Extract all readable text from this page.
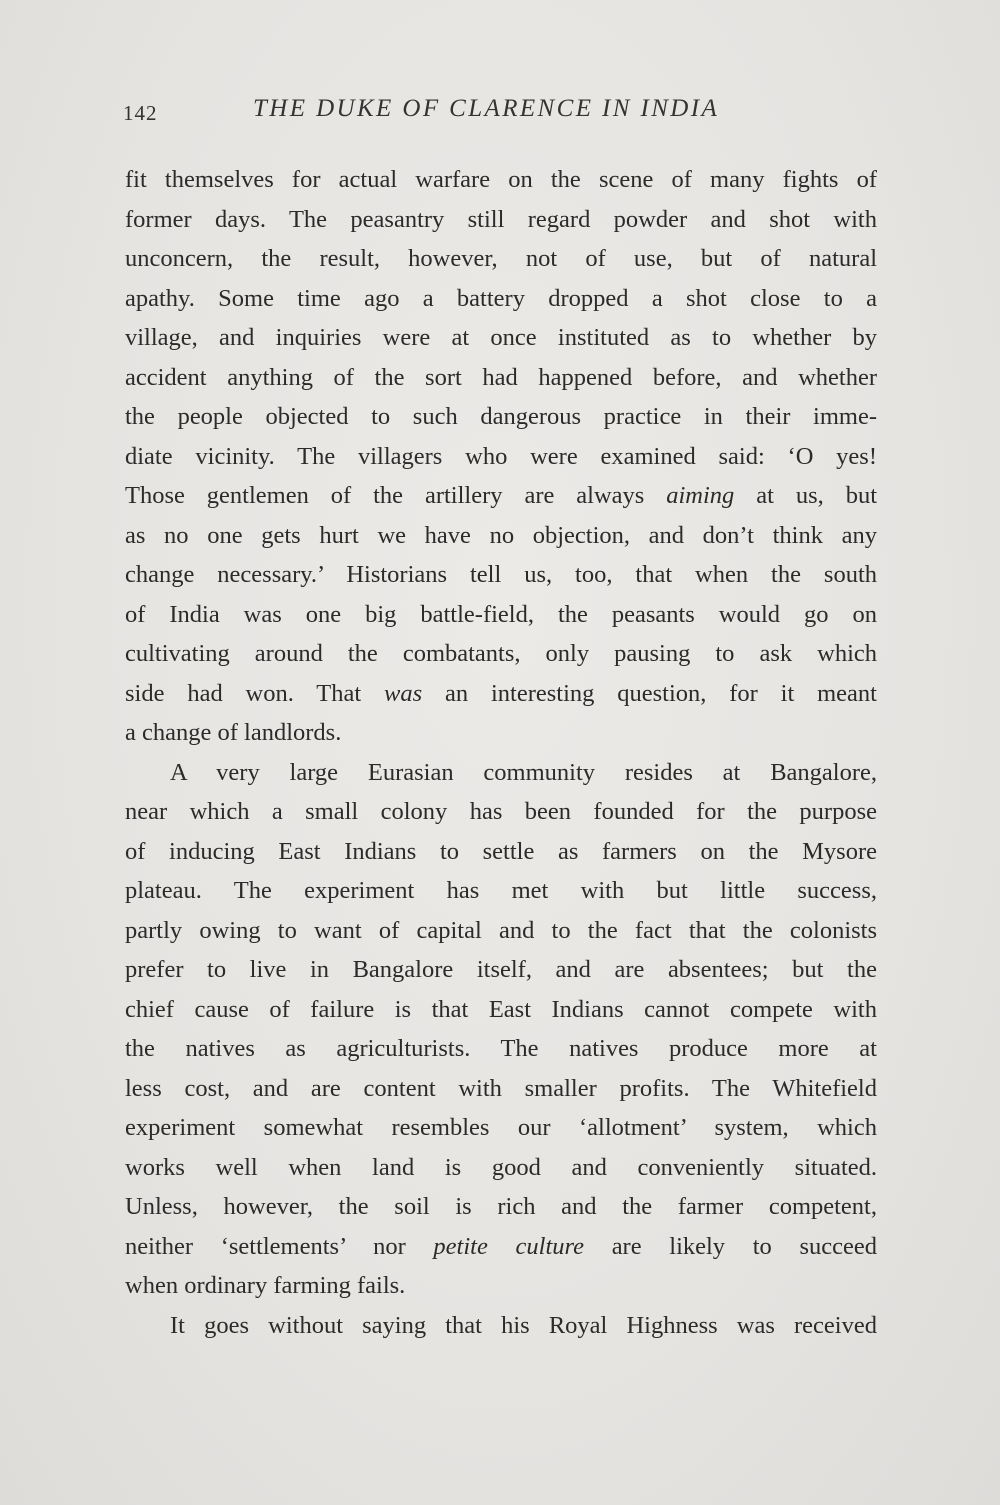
142	THE DUKE OF CLARENCE IN INDIA
fit themselves for actual warfare on the scene of many fights of
former days. The peasantry still regard powder and shot with
unconcern, the result, however, not of use, but of natural
apathy. Some time ago a battery dropped a shot close to a
village, and inquiries were at once instituted as to whether by
accident anything of the sort had happened before, and whether
the people objected to such dangerous practice in their imme-
diate vicinity. The villagers who were examined said: ‘O yes!
Those gentlemen of the artillery are always aiming at us, but
as no one gets hurt we have no objection, and don’t think any
change necessary.’ Historians tell us, too, that when the south
of India was one big battle-field, the peasants would go on
cultivating around the combatants, only pausing to ask which
side had won. That was an interesting question, for it meant
a change of landlords.
A very large Eurasian community resides at Bangalore,
near which a small colony has been founded for the purpose
of inducing East Indians to settle as farmers on the Mysore
plateau. The experiment has met with but little success,
partly owing to want of capital and to the fact that the colonists
prefer to live in Bangalore itself, and are absentees; but the
chief cause of failure is that East Indians cannot compete with
the natives as agriculturists. The natives produce more at
less cost, and are content with smaller profits. The Whitefield
experiment somewhat resembles our ‘allotment’ system, which
works well when land is good and conveniently situated.
Unless, however, the soil is rich and the farmer competent,
neither ‘settlements’ nor petite culture are likely to succeed
when ordinary farming fails.
It goes without saying that his Royal Highness was received
